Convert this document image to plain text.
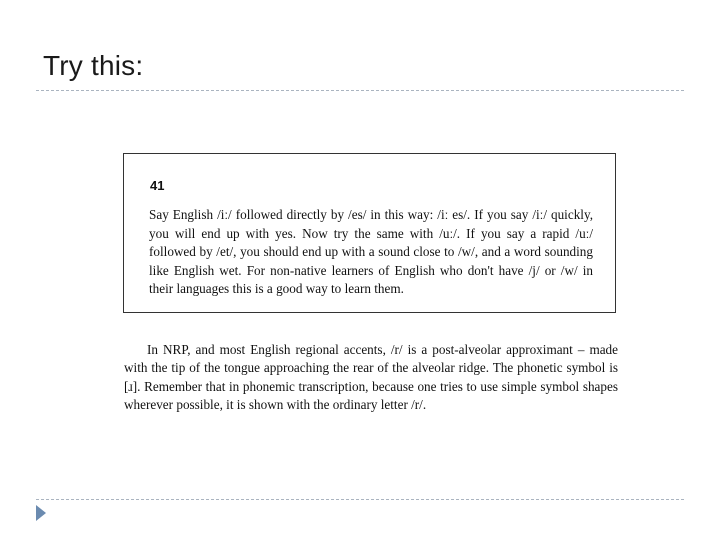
Try this:
41

Say English /iː/ followed directly by /es/ in this way: /iː es/. If you say /iː/ quickly, you will end up with yes. Now try the same with /uː/. If you say a rapid /uː/ followed by /et/, you should end up with a sound close to /w/, and a word sounding like English wet. For non-native learners of English who don't have /j/ or /w/ in their languages this is a good way to learn them.

In NRP, and most English regional accents, /r/ is a post-alveolar approximant – made with the tip of the tongue approaching the rear of the alveolar ridge. The phonetic symbol is [ɹ]. Remember that in phonemic transcription, because one tries to use simple symbol shapes wherever possible, it is shown with the ordinary letter /r/.
